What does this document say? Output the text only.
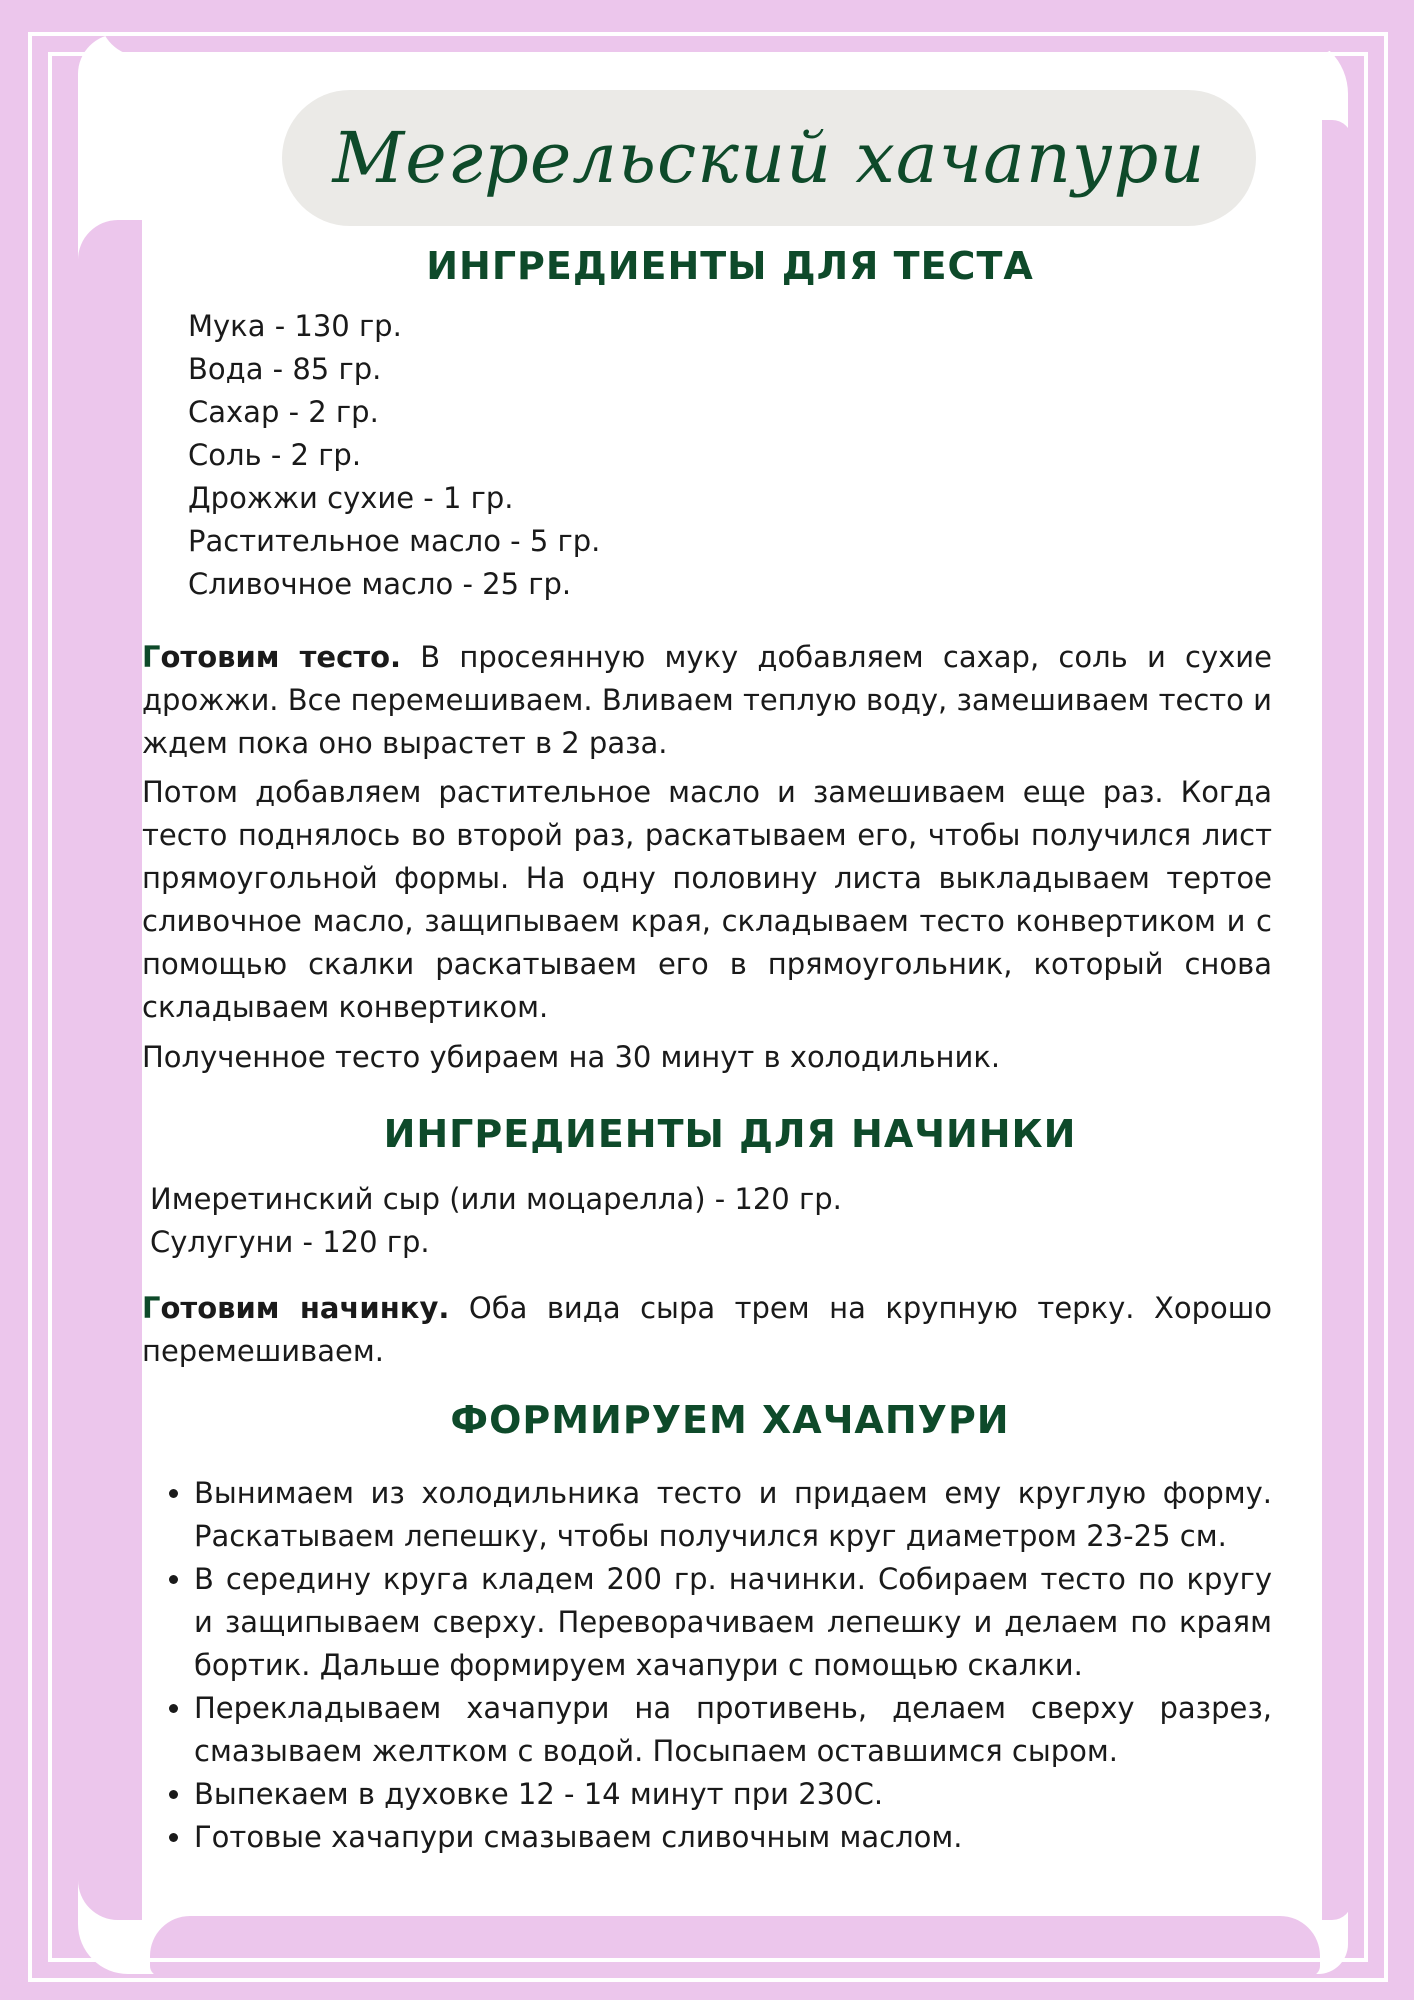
Мегрельский хачапури
ИНГРЕДИЕНТЫ ДЛЯ ТЕСТА
Мука - 130 гр.
Вода - 85 гр.
Сахар - 2 гр.
Соль - 2 гр.
Дрожжи сухие - 1 гр.
Растительное масло - 5 гр.
Сливочное масло - 25 гр.

Готовим тесто. В просеянную муку добавляем сахар, соль и сухие дрожжи. Все перемешиваем. Вливаем теплую воду, замешиваем тесто и ждем пока оно вырастет в 2 раза.

Потом добавляем растительное масло и замешиваем еще раз. Когда тесто поднялось во второй раз, раскатываем его, чтобы получился лист прямоугольной формы. На одну половину листа выкладываем тертое сливочное масло, защипываем края, складываем тесто конвертиком и с помощью скалки раскатываем его в прямоугольник, который снова складываем конвертиком.

Полученное тесто убираем на 30 минут в холодильник.

ИНГРЕДИЕНТЫ ДЛЯ НАЧИНКИ
Имеретинский сыр (или моцарелла) - 120 гр.
Сулугуни - 120 гр.

Готовим начинку. Оба вида сыра трем на крупную терку. Хорошо перемешиваем.

ФОРМИРУЕМ ХАЧАПУРИ
• Вынимаем из холодильника тесто и придаем ему круглую форму. Раскатываем лепешку, чтобы получился круг диаметром 23-25 см.
• В середину круга кладем 200 гр. начинки. Собираем тесто по кругу и защипываем сверху. Переворачиваем лепешку и делаем по краям бортик. Дальше формируем хачапури с помощью скалки.
• Перекладываем хачапури на противень, делаем сверху разрез, смазываем желтком с водой. Посыпаем оставшимся сыром.
• Выпекаем в духовке 12 - 14 минут при 230С.
• Готовые хачапури смазываем сливочным маслом.
